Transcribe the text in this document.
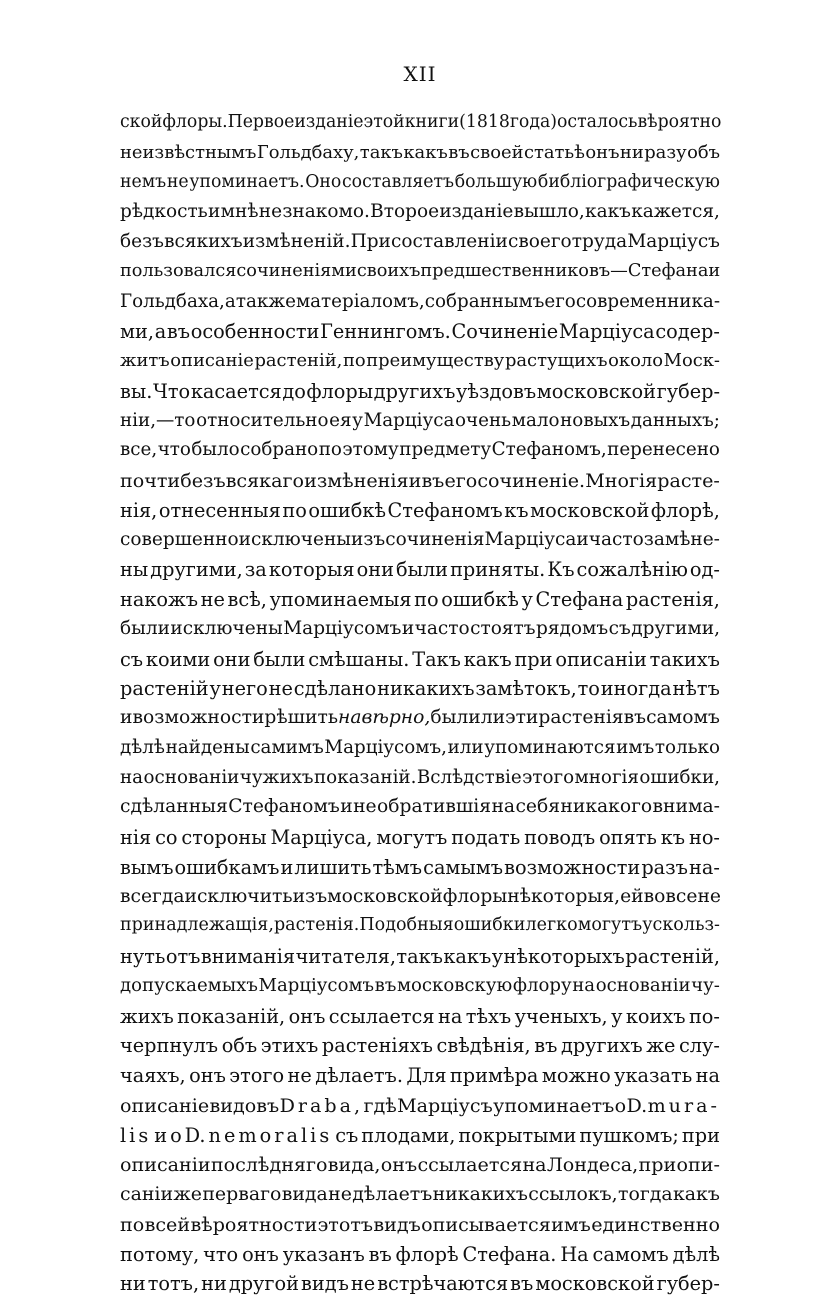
XII
ской флоры. Первое изданіе этой книги (1818 года) осталось вѣроятно
неизвѣстнымъ Гольдбаху, такъ какъ въ своей статьѣ онъ ни разу объ
немъ не упоминаетъ. Оно составляетъ большую библіографическую
рѣдкость и мнѣ не знакомо. Второе изданіе вышло, какъ кажется,
безъ всякихъ измѣненій. При составленіи своего труда Марціусъ
пользовался сочиненіями своихъ предшественниковъ—Стефана и
Гольдбаха, а также матеріаломъ, собраннымъ его современника-
ми, а въ особенности Геннингомъ. Сочиненіе Марціуса содер-
житъ описаніе растеній, по преимуществу растущихъ около Моск-
вы. Что касается до флоры другихъ уѣздовъ московской губер-
ніи,—то относительно ея у Марціуса очень мало новыхъ данныхъ;
все, что было собрано по этому предмету Стефаномъ, перенесено
почти безъ всякаго измѣненія и въ его сочиненіе. Многія расте-
нія, отнесенныя по ошибкѣ Стефаномъ къ московской флорѣ,
совершенно исключены изъ сочиненія Марціуса и часто замѣне-
ны другими, за которыя они были приняты. Къ сожалѣнію од-
накожъ не всѣ, упоминаемыя по ошибкѣ у Стефана растенія,
были исключены Марціусомъ и часто стоятъ рядомъ съ другими,
съ коими они были смѣшаны. Такъ какъ при описаніи такихъ
растеній у него не сдѣлано никакихъ замѣтокъ, то иногда нѣтъ
и возможности рѣшить навѣрно, были ли эти растенія въ самомъ
дѣлѣ найдены самимъ Марціусомъ, или упоминаются имъ только
на основаніи чужихъ показаній. Вслѣдствіе этого многія ошибки,
сдѣланныя Стефаномъ и не обратившія на себя никакого внима-
нія со стороны Марціуса, могутъ подать поводъ опять къ но-
вымъ ошибкамъ и лишить тѣмъ самымъ возможности разъ на-
всегда исключить изъ московской флоры нѣкоторыя, ей вовсе не
принадлежащія, растенія. Подобныя ошибки легко могутъ ускольз-
нуть отъ вниманія читателя, такъ какъ у нѣкоторыхъ растеній,
допускаемыхъ Марціусомъ въ московскую флору на основаніи чу-
жихъ показаній, онъ ссылается на тѣхъ ученыхъ, у коихъ по-
черпнулъ объ этихъ растеніяхъ свѣдѣнія, въ другихъ же слу-
чаяхъ, онъ этого не дѣлаетъ. Для примѣра можно указать на
описаніе видовъ Draba, гдѣ Марціусъ упоминаетъ о D. mura-
lis и о D. nemoralis съ плодами, покрытыми пушкомъ; при
описаніи послѣдняго вида, онъ ссылается на Лондеса, при опи-
саніи же перваго вида не дѣлаетъ никакихъ ссылокъ, тогда какъ
по всей вѣроятности этотъ видъ описывается имъ единственно
потому, что онъ указанъ въ флорѣ Стефана. На самомъ дѣлѣ
ни тотъ, ни другой видъ не встрѣчаются въ московской губер-
